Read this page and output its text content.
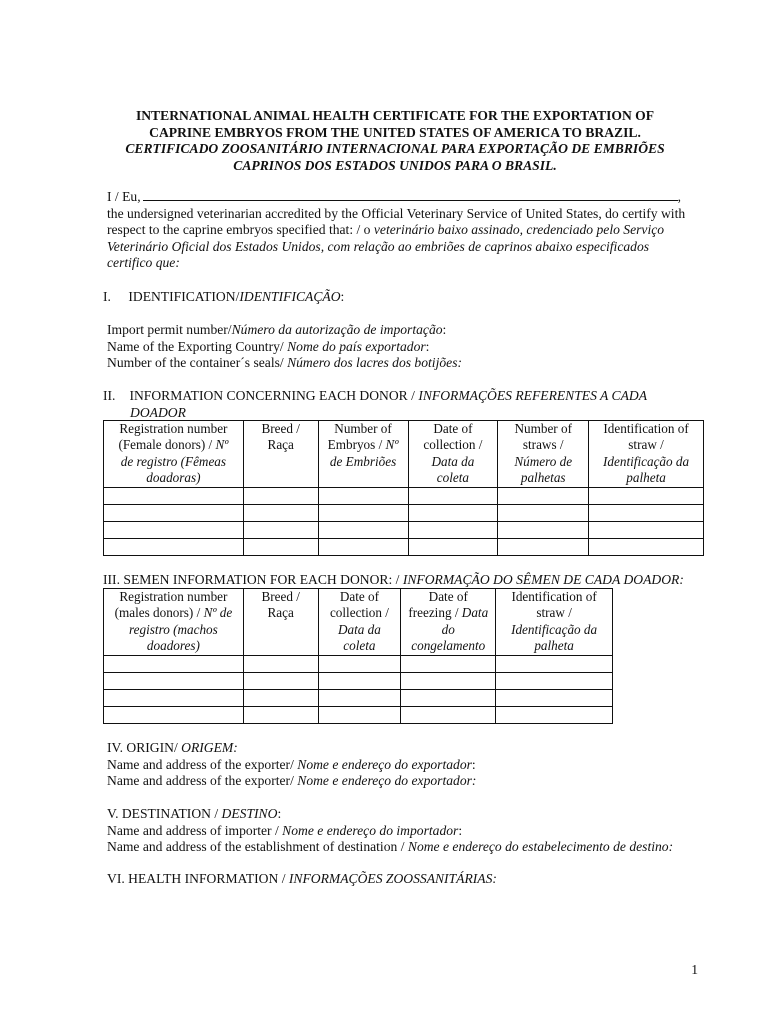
INTERNATIONAL ANIMAL HEALTH CERTIFICATE FOR THE EXPORTATION OF
CAPRINE EMBRYOS FROM THE UNITED STATES OF AMERICA TO BRAZIL.
CERTIFICADO ZOOSANITÁRIO INTERNACIONAL PARA EXPORTAÇÃO DE EMBRIÕES
CAPRINOS DOS ESTADOS UNIDOS PARA O BRASIL.
I / Eu,	,
the undersigned veterinarian accredited by the Official Veterinary Service of United States, do certify with
respect to the caprine embryos specified that: / o veterinário baixo assinado, credenciado pelo Serviço
Veterinário Oficial dos Estados Unidos, com relação ao embriões de caprinos abaixo especificados
certifico que:
I. IDENTIFICATION/IDENTIFICAÇÃO:
Import permit number/Número da autorização de importação:
Name of the Exporting Country/ Nome do país exportador:
Number of the container´s seals/ Número dos lacres dos botijões:
II. INFORMATION CONCERNING EACH DONOR / INFORMAÇÕES REFERENTES A CADA
DOADOR
Registration number
(Female donors) / Nº
de registro (Fêmeas
doadoras)	Breed /
Raça	Number of
Embryos / Nº
de Embriões	Date of
collection /
Data da
coleta	Number of
straws /
Número de
palhetas	Identification of
straw /
Identificação da
palheta

III. SEMEN INFORMATION FOR EACH DONOR: / INFORMAÇÃO DO SÊMEN DE CADA DOADOR:
Registration number
(males donors) / Nº de
registro (machos
doadores)	Breed /
Raça	Date of
collection /
Data da
coleta	Date of
freezing / Data
do
congelamento	Identification of
straw /
Identificação da
palheta

IV. ORIGIN/ ORIGEM:
Name and address of the exporter/ Nome e endereço do exportador:
Name and address of the exporter/ Nome e endereço do exportador:
V. DESTINATION / DESTINO:
Name and address of importer / Nome e endereço do importador:
Name and address of the establishment of destination / Nome e endereço do estabelecimento de destino:
VI. HEALTH INFORMATION / INFORMAÇÕES ZOOSSANITÁRIAS:
1
